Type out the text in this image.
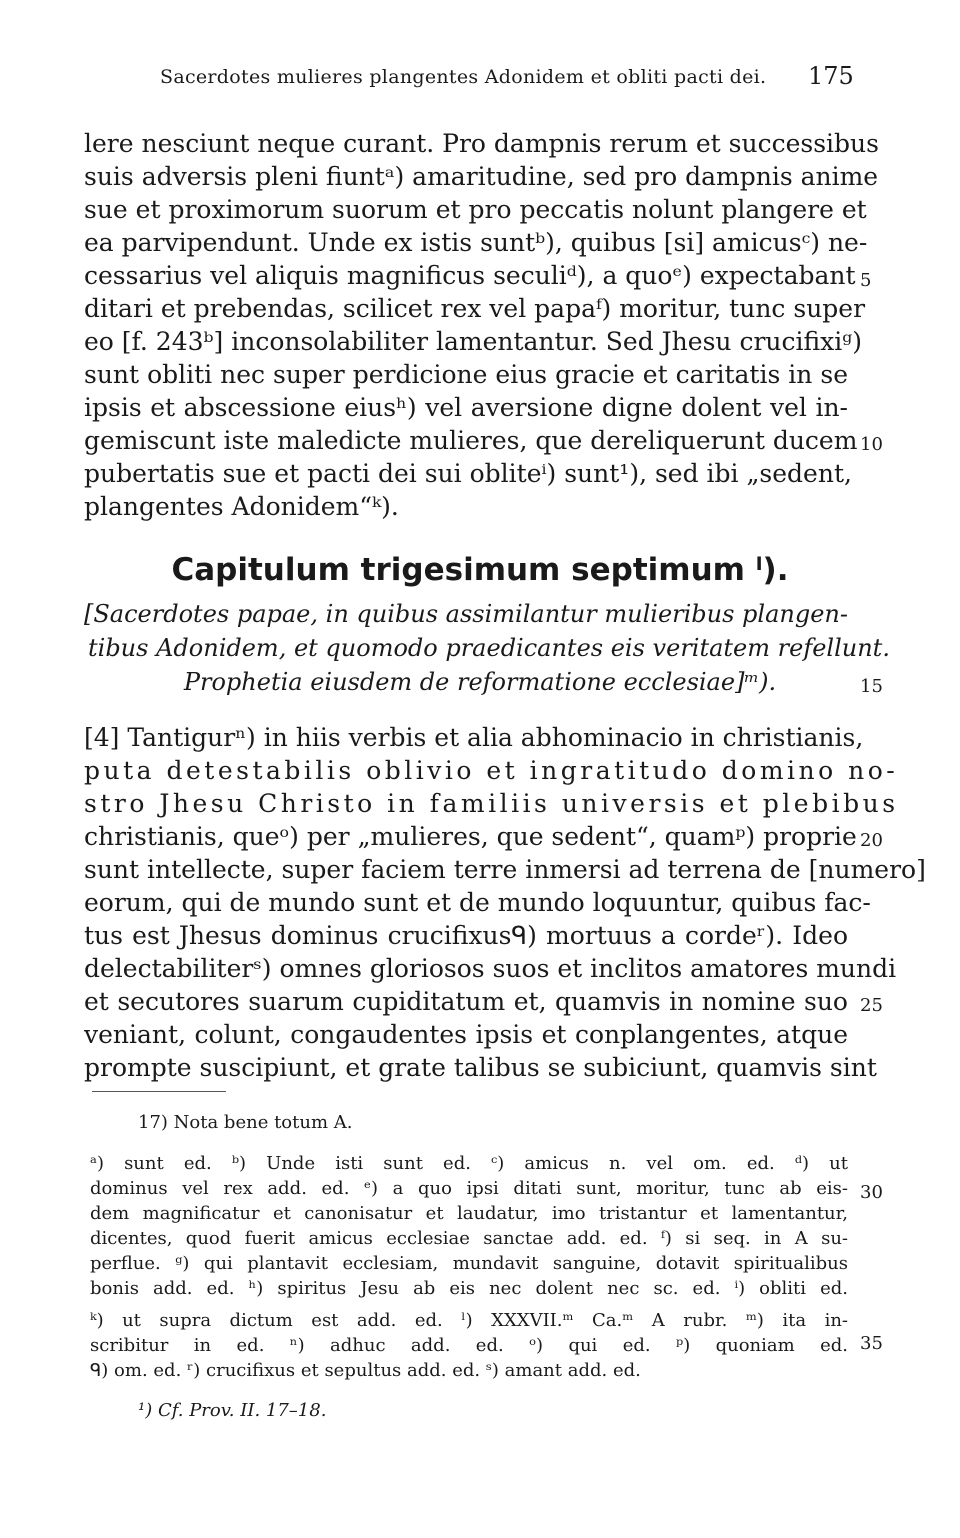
Sacerdotes mulieres plangentes Adonidem et obliti pacti dei. 175
lere nesciunt neque curant. Pro dampnis rerum et successibus
suis adversis pleni fiuntᵃ) amaritudine, sed pro dampnis anime
sue et proximorum suorum et pro peccatis nolunt plangere et
ea parvipendunt. Unde ex istis suntᵇ), quibus [si] amicusᶜ) ne-
cessarius vel aliquis magnificus seculiᵈ), a quoᵉ) expectabant
ditari et prebendas, scilicet rex vel papaᶠ) moritur, tunc super
eo [f. 243ᵇ] inconsolabiliter lamentantur. Sed Jhesu crucifixiᵍ)
sunt obliti nec super perdicione eius gracie et caritatis in se
ipsis et abscessione eiusʰ) vel aversione digne dolent vel in-
gemiscunt iste maledicte mulieres, que dereliquerunt ducem
pubertatis sue et pacti dei sui obliteⁱ) sunt¹), sed ibi „sedent,
plangentes Adonidem“ᵏ).
Capitulum trigesimum septimum ˡ).
[Sacerdotes papae, in quibus assimilantur mulieribus plangen-
tibus Adonidem, et quomodo praedicantes eis veritatem refellunt.
Prophetia eiusdem de reformatione ecclesiae]ᵐ).
[4] Tantigurⁿ) in hiis verbis et alia abhominacio in christianis,
puta detestabilis oblivio et ingratitudo domino no-
stro Jhesu Christo in familiis universis et plebibus
christianis, queᵒ) per „mulieres, que sedent“, quamᵖ) proprie
sunt intellecte, super faciem terre inmersi ad terrena de [numero]
eorum, qui de mundo sunt et de mundo loquuntur, quibus fac-
tus est Jhesus dominus crucifixusᑫ) mortuus a cordeʳ). Ideo
delectabiliterˢ) omnes gloriosos suos et inclitos amatores mundi
et secutores suarum cupiditatum et, quamvis in nomine suo
veniant, colunt, congaudentes ipsis et conplangentes, atque
prompte suscipiunt, et grate talibus se subiciunt, quamvis sint
5
10
15
20
25
30
35
17) Nota bene totum A.
ᵃ) sunt ed. ᵇ) Unde isti sunt ed. ᶜ) amicus n. vel om. ed. ᵈ) ut
dominus vel rex add. ed. ᵉ) a quo ipsi ditati sunt, moritur, tunc ab eis-
dem magnificatur et canonisatur et laudatur, imo tristantur et lamentantur,
dicentes, quod fuerit amicus ecclesiae sanctae add. ed. ᶠ) si seq. in A su-
perflue. ᵍ) qui plantavit ecclesiam, mundavit sanguine, dotavit spiritualibus
bonis add. ed. ʰ) spiritus Jesu ab eis nec dolent nec sc. ed. ⁱ) obliti ed.
ᵏ) ut supra dictum est add. ed. ˡ) XXXVII.ᵐ Ca.ᵐ A rubr. ᵐ) ita in-
scribitur in ed. ⁿ) adhuc add. ed. ᵒ) qui ed. ᵖ) quoniam ed.
ᑫ) om. ed. ʳ) crucifixus et sepultus add. ed. ˢ) amant add. ed.
¹) Cf. Prov. II. 17–18.
